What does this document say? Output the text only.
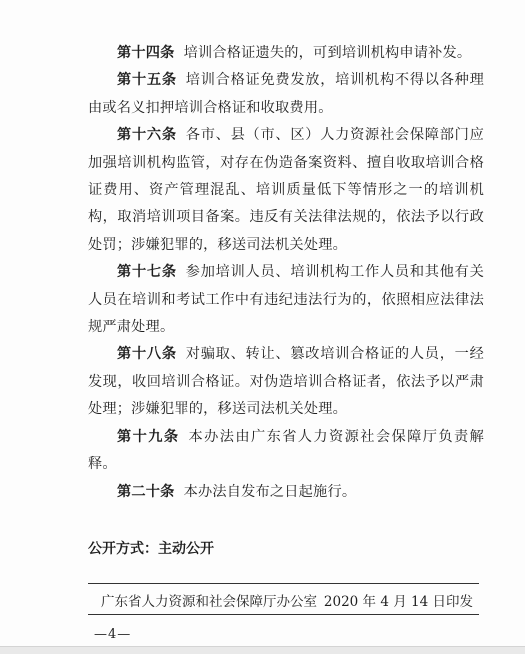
第十四条 培训合格证遗失的，可到培训机构申请补发。

第十五条 培训合格证免费发放，培训机构不得以各种理由或名义扣押培训合格证和收取费用。

第十六条 各市、县（市、区）人力资源社会保障部门应加强培训机构监管，对存在伪造备案资料、擅自收取培训合格证费用、资产管理混乱、培训质量低下等情形之一的培训机构，取消培训项目备案。违反有关法律法规的，依法予以行政处罚；涉嫌犯罪的，移送司法机关处理。

第十七条 参加培训人员、培训机构工作人员和其他有关人员在培训和考试工作中有违纪违法行为的，依照相应法律法规严肃处理。

第十八条 对骗取、转让、篡改培训合格证的人员，一经发现，收回培训合格证。对伪造培训合格证者，依法予以严肃处理；涉嫌犯罪的，移送司法机关处理。

第十九条 本办法由广东省人力资源社会保障厅负责解释。

第二十条 本办法自发布之日起施行。

公开方式：主动公开
广东省人力资源和社会保障厅办公室 2020 年 4 月 14 日印发
—4—
